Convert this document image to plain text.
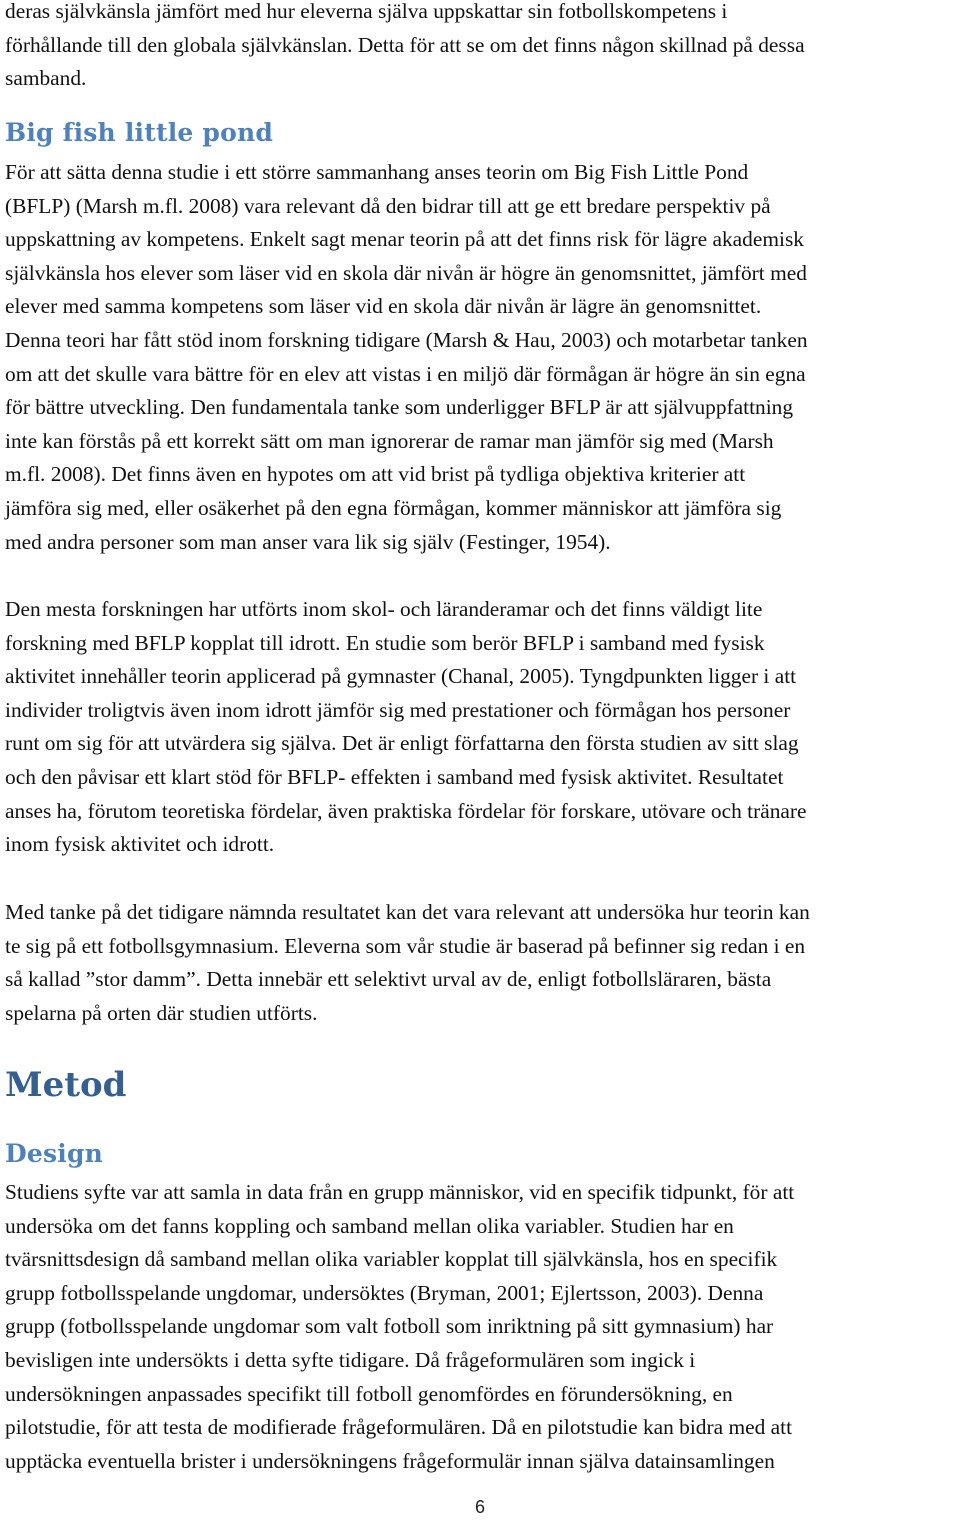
deras självkänsla jämfört med hur eleverna själva uppskattar sin fotbollskompetens i
förhållande till den globala självkänslan. Detta för att se om det finns någon skillnad på dessa
samband.
Big fish little pond
För att sätta denna studie i ett större sammanhang anses teorin om Big Fish Little Pond
(BFLP) (Marsh m.fl. 2008) vara relevant då den bidrar till att ge ett bredare perspektiv på
uppskattning av kompetens. Enkelt sagt menar teorin på att det finns risk för lägre akademisk
självkänsla hos elever som läser vid en skola där nivån är högre än genomsnittet, jämfört med
elever med samma kompetens som läser vid en skola där nivån är lägre än genomsnittet.
Denna teori har fått stöd inom forskning tidigare (Marsh & Hau, 2003) och motarbetar tanken
om att det skulle vara bättre för en elev att vistas i en miljö där förmågan är högre än sin egna
för bättre utveckling. Den fundamentala tanke som underligger BFLP är att självuppfattning
inte kan förstås på ett korrekt sätt om man ignorerar de ramar man jämför sig med (Marsh
m.fl. 2008). Det finns även en hypotes om att vid brist på tydliga objektiva kriterier att
jämföra sig med, eller osäkerhet på den egna förmågan, kommer människor att jämföra sig
med andra personer som man anser vara lik sig själv (Festinger, 1954).
Den mesta forskningen har utförts inom skol- och läranderamar och det finns väldigt lite
forskning med BFLP kopplat till idrott. En studie som berör BFLP i samband med fysisk
aktivitet innehåller teorin applicerad på gymnaster (Chanal, 2005). Tyngdpunkten ligger i att
individer troligtvis även inom idrott jämför sig med prestationer och förmågan hos personer
runt om sig för att utvärdera sig själva. Det är enligt författarna den första studien av sitt slag
och den påvisar ett klart stöd för BFLP- effekten i samband med fysisk aktivitet. Resultatet
anses ha, förutom teoretiska fördelar, även praktiska fördelar för forskare, utövare och tränare
inom fysisk aktivitet och idrott.
Med tanke på det tidigare nämnda resultatet kan det vara relevant att undersöka hur teorin kan
te sig på ett fotbollsgymnasium. Eleverna som vår studie är baserad på befinner sig redan i en
så kallad ”stor damm”. Detta innebär ett selektivt urval av de, enligt fotbollsläraren, bästa
spelarna på orten där studien utförts.
Metod
Design
Studiens syfte var att samla in data från en grupp människor, vid en specifik tidpunkt, för att
undersöka om det fanns koppling och samband mellan olika variabler. Studien har en
tvärsnittsdesign då samband mellan olika variabler kopplat till självkänsla, hos en specifik
grupp fotbollsspelande ungdomar, undersöktes (Bryman, 2001; Ejlertsson, 2003). Denna
grupp (fotbollsspelande ungdomar som valt fotboll som inriktning på sitt gymnasium) har
bevisligen inte undersökts i detta syfte tidigare. Då frågeformulären som ingick i
undersökningen anpassades specifikt till fotboll genomfördes en förundersökning, en
pilotstudie, för att testa de modifierade frågeformulären. Då en pilotstudie kan bidra med att
upptäcka eventuella brister i undersökningens frågeformulär innan själva datainsamlingen
6
